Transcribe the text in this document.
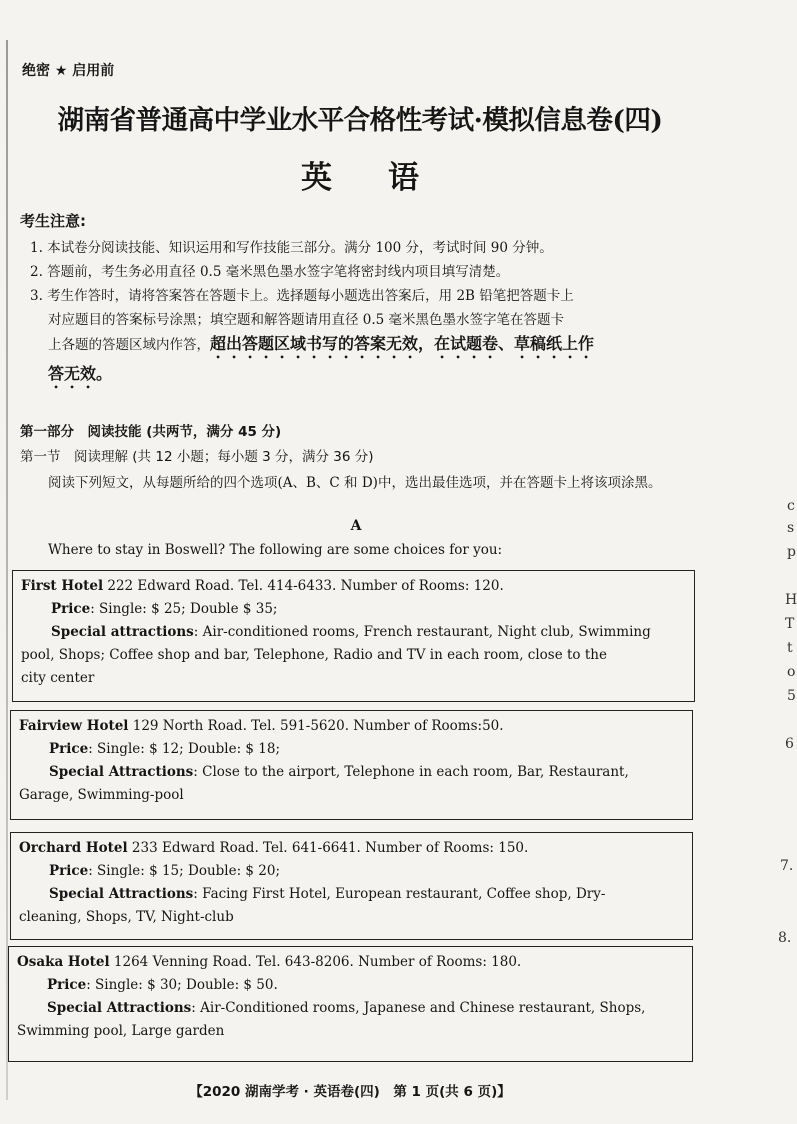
绝密 ★ 启用前
湖南省普通高中学业水平合格性考试·模拟信息卷(四)
英语
考生注意:

1. 本试卷分阅读技能、知识运用和写作技能三部分。满分 100 分，考试时间 90 分钟。

2. 答题前，考生务必用直径 0.5 毫米黑色墨水签字笔将密封线内项目填写清楚。

3. 考生作答时，请将答案答在答题卡上。选择题每小题选出答案后，用 2B 铅笔把答题卡上

对应题目的答案标号涂黑；填空题和解答题请用直径 0.5 毫米黑色墨水签字笔在答题卡

上各题的答题区域内作答，超出答题区域书写的答案无效，在试题卷、草稿纸上作

答无效。

第一部分　阅读技能 (共两节，满分 45 分)
第一节　阅读理解 (共 12 小题；每小题 3 分，满分 36 分)
阅读下列短文，从每题所给的四个选项(A、B、C 和 D)中，选出最佳选项，并在答题卡上将该项涂黑。
A
Where to stay in Boswell? The following are some choices for you:
First Hotel 222 Edward Road. Tel. 414-6433. Number of Rooms: 120.
Price: Single: $ 25; Double $ 35;
Special attractions: Air-conditioned rooms, French restaurant, Night club, Swimming
pool, Shops; Coffee shop and bar, Telephone, Radio and TV in each room, close to the
city center
Fairview Hotel 129 North Road. Tel. 591-5620. Number of Rooms:50.
Price: Single: $ 12; Double: $ 18;
Special Attractions: Close to the airport, Telephone in each room, Bar, Restaurant,
Garage, Swimming-pool
Orchard Hotel 233 Edward Road. Tel. 641-6641. Number of Rooms: 150.
Price: Single: $ 15; Double: $ 20;
Special Attractions: Facing First Hotel, European restaurant, Coffee shop, Dry-
cleaning, Shops, TV, Night-club
Osaka Hotel 1264 Venning Road. Tel. 643-8206. Number of Rooms: 180.
Price: Single: $ 30; Double: $ 50.
Special Attractions: Air-Conditioned rooms, Japanese and Chinese restaurant, Shops,
Swimming pool, Large garden
【2020 湖南学考 · 英语卷(四)　第 1 页(共 6 页)】
c
s
p
H
T
t
o
5
6
7.
8.
